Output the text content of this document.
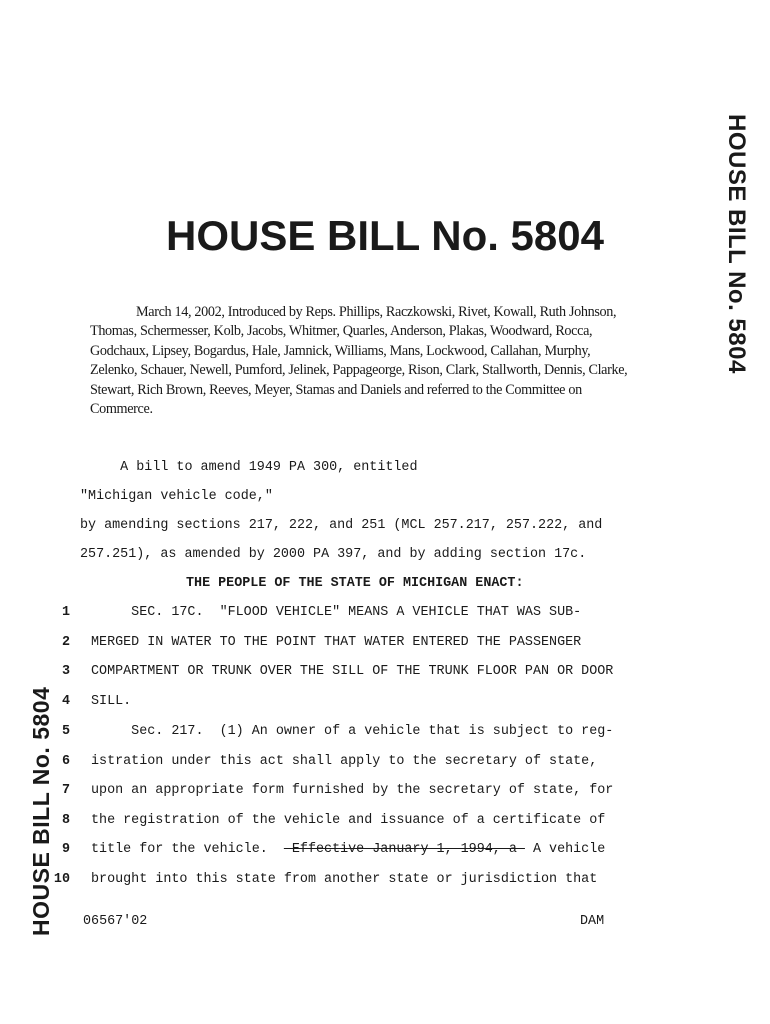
HOUSE BILL No. 5804
HOUSE BILL No. 5804
HOUSE BILL No. 5804

March 14, 2002, Introduced by Reps. Phillips, Raczkowski, Rivet, Kowall, Ruth Johnson,
Thomas, Schermesser, Kolb, Jacobs, Whitmer, Quarles, Anderson, Plakas, Woodward, Rocca,
Godchaux, Lipsey, Bogardus, Hale, Jamnick, Williams, Mans, Lockwood, Callahan, Murphy,
Zelenko, Schauer, Newell, Pumford, Jelinek, Pappageorge, Rison, Clark, Stallworth, Dennis, Clarke,
Stewart, Rich Brown, Reeves, Meyer, Stamas and Daniels and referred to the Committee on
Commerce.

A bill to amend 1949 PA 300, entitled
"Michigan vehicle code,"
by amending sections 217, 222, and 251 (MCL 257.217, 257.222, and
257.251), as amended by 2000 PA 397, and by adding section 17c.
THE PEOPLE OF THE STATE OF MICHIGAN ENACT:
1 SEC. 17C.  "FLOOD VEHICLE" MEANS A VEHICLE THAT WAS SUB-
2 MERGED IN WATER TO THE POINT THAT WATER ENTERED THE PASSENGER
3 COMPARTMENT OR TRUNK OVER THE SILL OF THE TRUNK FLOOR PAN OR DOOR
4 SILL.
5 Sec. 217.  (1) An owner of a vehicle that is subject to reg-
6 istration under this act shall apply to the secretary of state,
7 upon an appropriate form furnished by the secretary of state, for
8 the registration of the vehicle and issuance of a certificate of
9 title for the vehicle.   Effective January 1, 1994, a  A vehicle
10 brought into this state from another state or jurisdiction that
06567'02	DAM
